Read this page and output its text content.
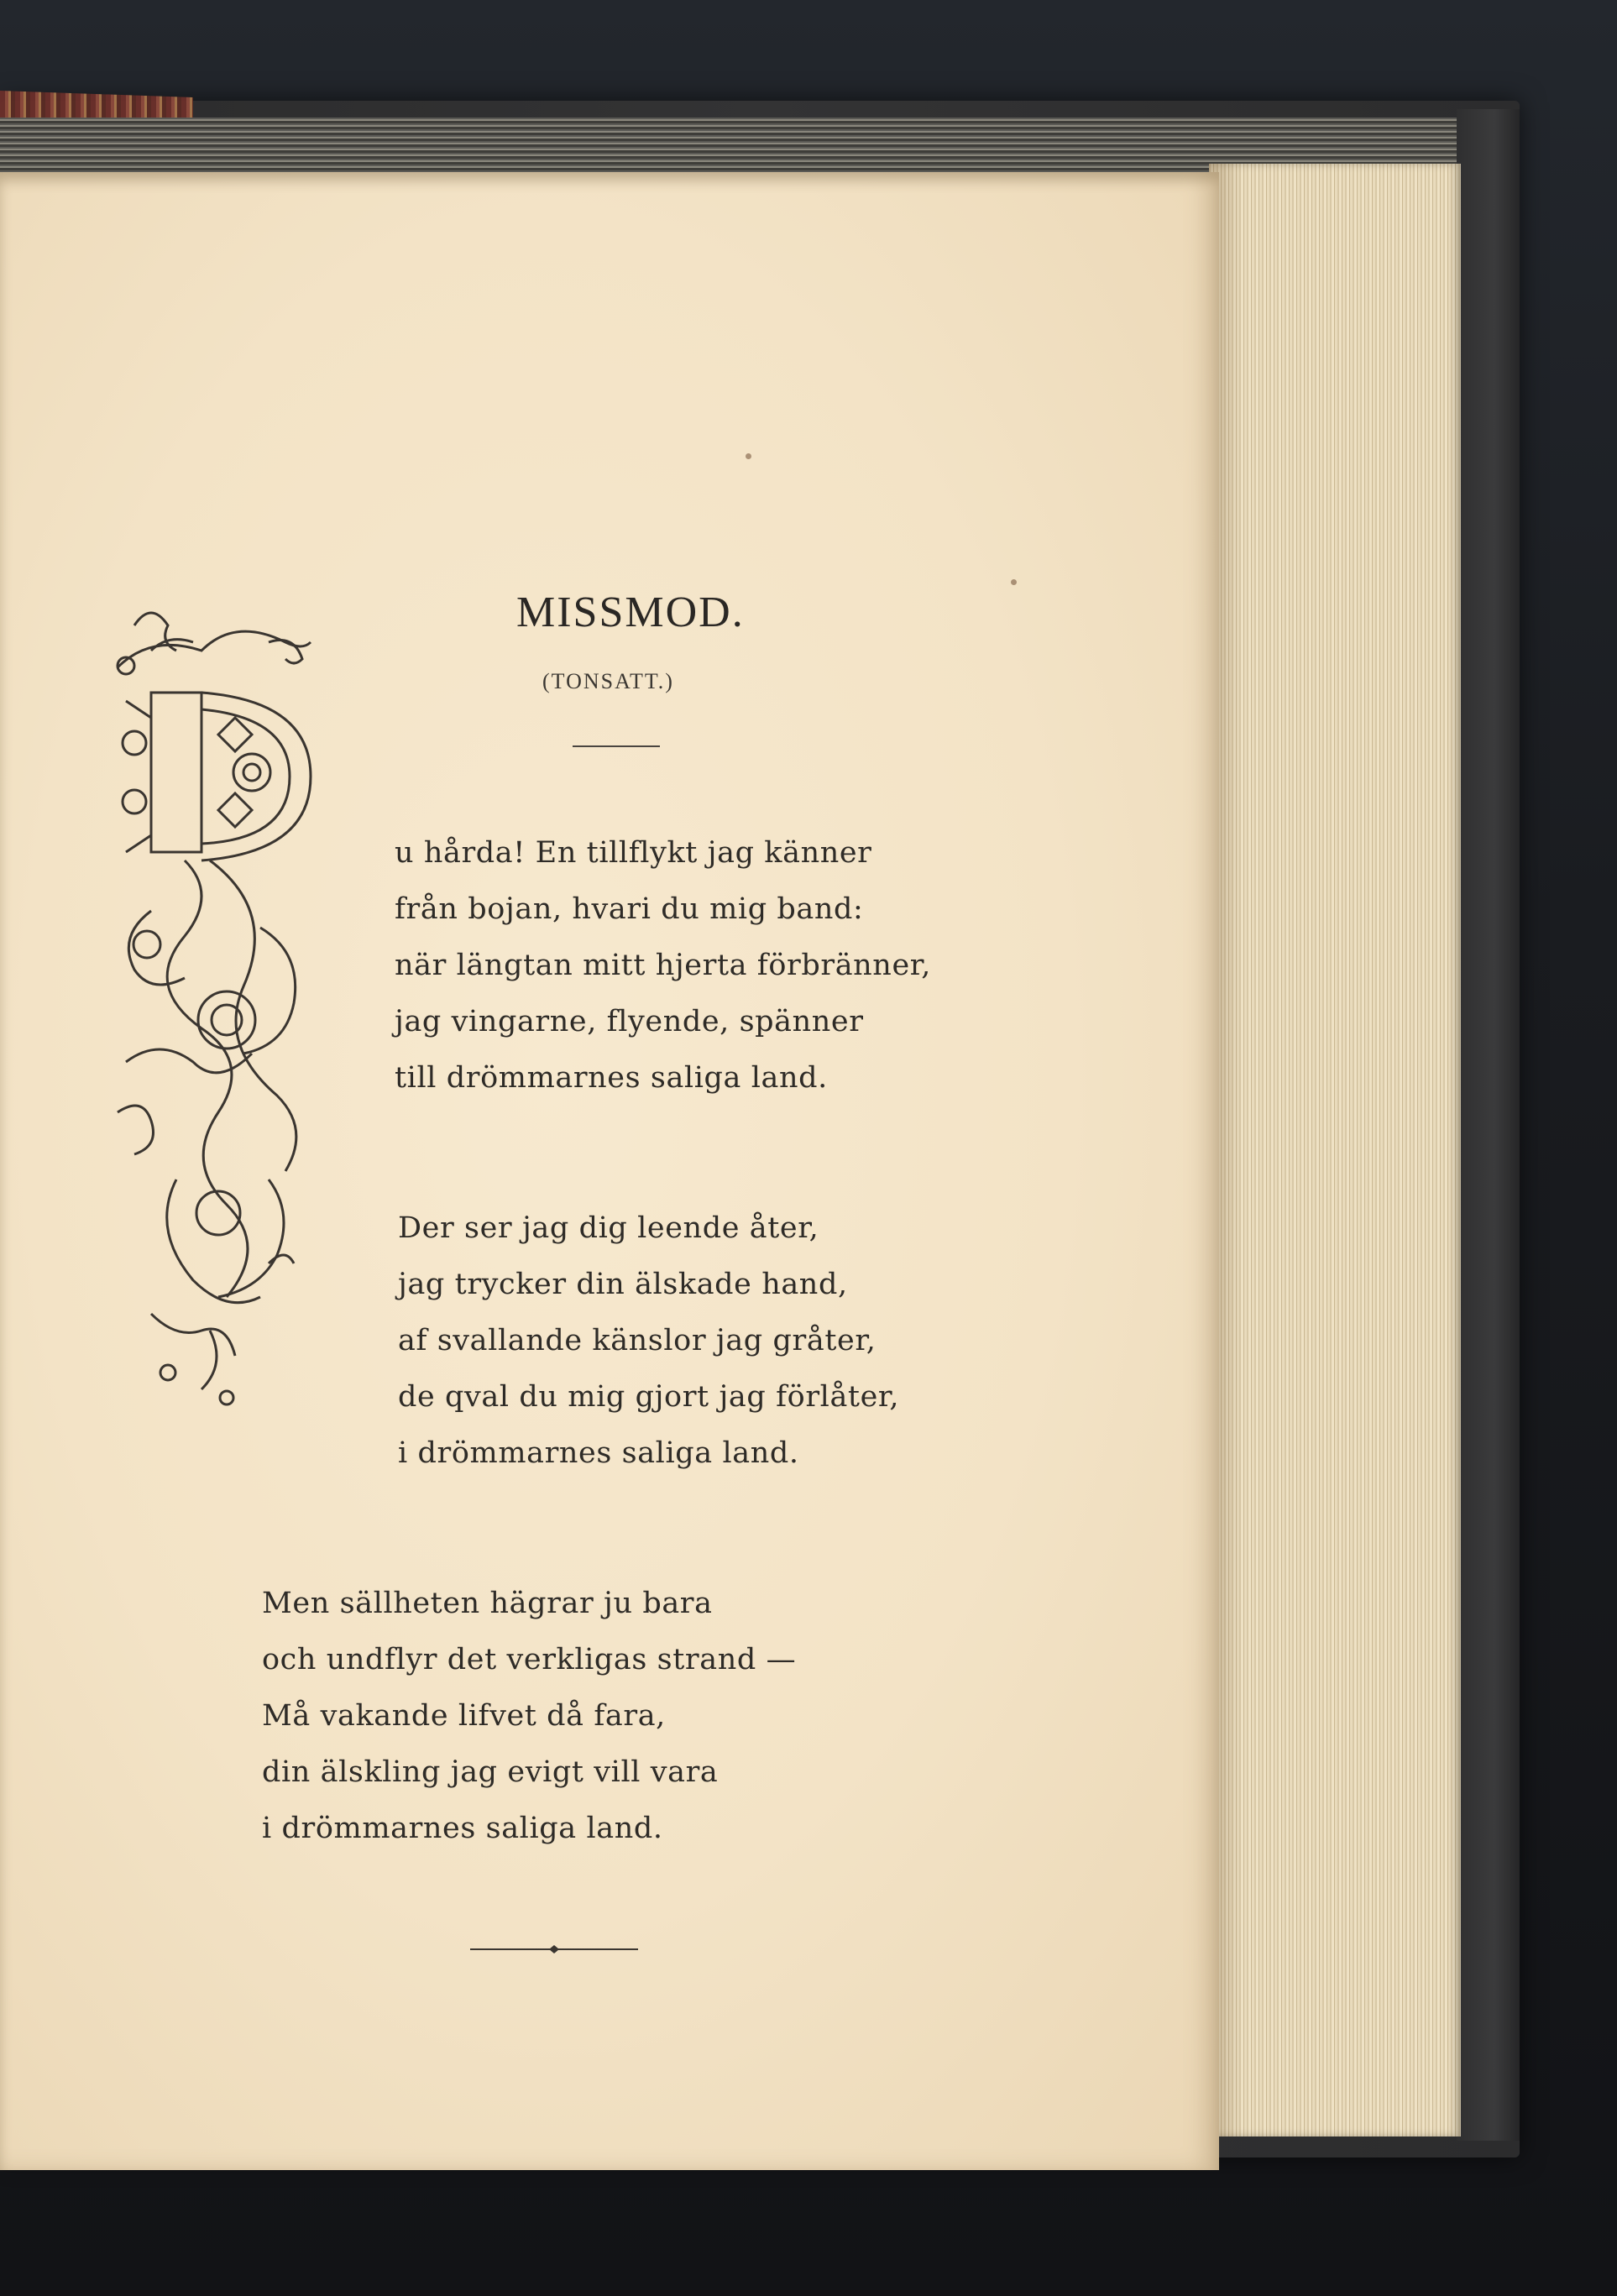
MISSMOD.
(TONSATT.)
u hårda! En tillflykt jag känner
från bojan, hvari du mig band:
när längtan mitt hjerta förbränner,
jag vingarne, flyende, spänner
till drömmarnes saliga land.
Der ser jag dig leende åter,
jag trycker din älskade hand,
af svallande känslor jag gråter,
de qval du mig gjort jag förlåter,
i drömmarnes saliga land.
Men sällheten hägrar ju bara
och undflyr det verkligas strand —
Må vakande lifvet då fara,
din älskling jag evigt vill vara
i drömmarnes saliga land.
